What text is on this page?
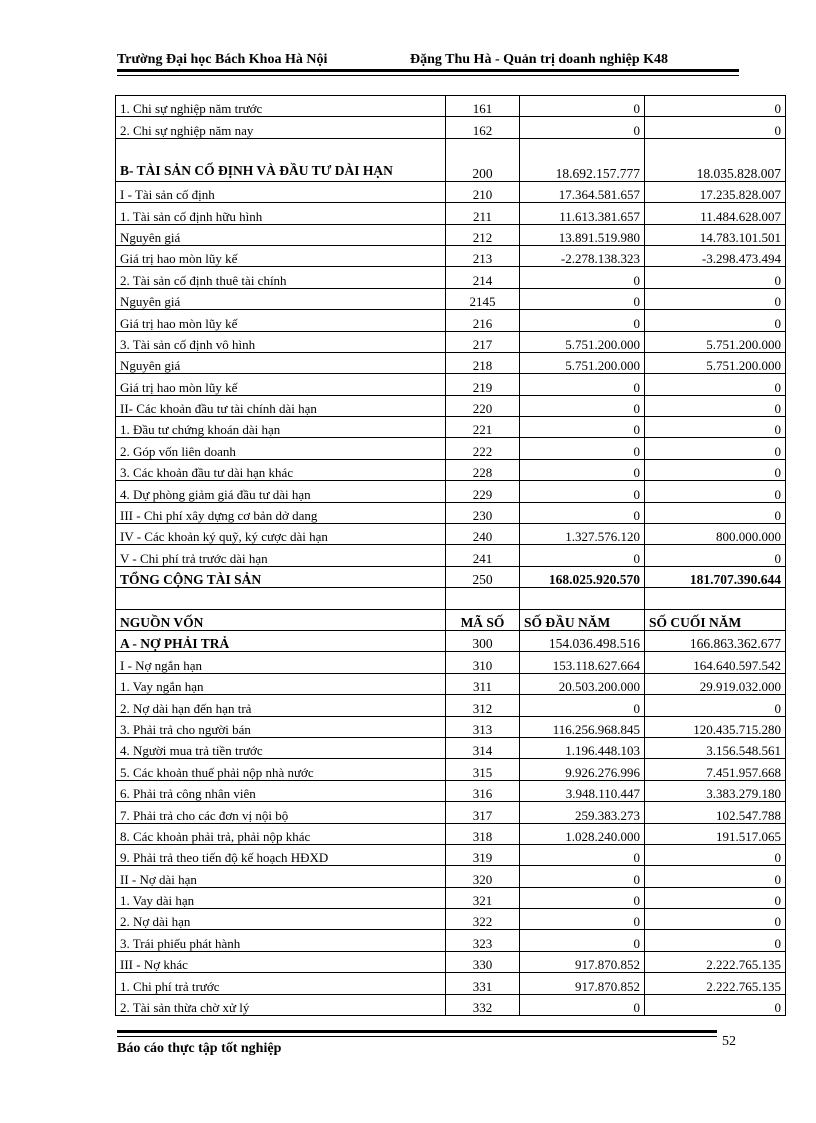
Trường Đại học Bách Khoa Hà Nội	Đặng Thu Hà - Quản trị doanh nghiệp K48
1. Chi sự nghiệp năm trước	161	0	0
2. Chi sự nghiệp năm nay	162	0	0
B- TÀI SẢN CỐ ĐỊNH VÀ ĐẦU TƯ DÀI HẠN	200	18.692.157.777	18.035.828.007
I - Tài sản cố định	210	17.364.581.657	17.235.828.007
1. Tài sản cố định hữu hình	211	11.613.381.657	11.484.628.007
Nguyên giá	212	13.891.519.980	14.783.101.501
Giá trị hao mòn lũy kế	213	-2.278.138.323	-3.298.473.494
2. Tài sản cố định thuê tài chính	214	0	0
Nguyên giá	2145	0	0
Giá trị hao mòn lũy kế	216	0	0
3. Tài sản cố định vô hình	217	5.751.200.000	5.751.200.000
Nguyên giá	218	5.751.200.000	5.751.200.000
Giá trị hao mòn lũy kế	219	0	0
II- Các khoản đầu tư tài chính dài hạn	220	0	0
1. Đầu tư chứng khoán dài hạn	221	0	0
2. Góp vốn liên doanh	222	0	0
3. Các khoản đầu tư dài hạn khác	228	0	0
4. Dự phòng giảm giá đầu tư dài hạn	229	0	0
III - Chi phí xây dựng cơ bản dở dang	230	0	0
IV - Các khoản ký quỹ, ký cược dài hạn	240	1.327.576.120	800.000.000
V - Chi phí trả trước dài hạn	241	0	0
TỔNG CỘNG TÀI SẢN	250	168.025.920.570	181.707.390.644

NGUỒN VỐN	MÃ SỐ	SỐ ĐẦU NĂM	SỐ CUỐI NĂM
A - NỢ PHẢI TRẢ	300	154.036.498.516	166.863.362.677
I - Nợ ngắn hạn	310	153.118.627.664	164.640.597.542
1. Vay ngắn hạn	311	20.503.200.000	29.919.032.000
2. Nợ dài hạn đến hạn trả	312	0	0
3. Phải trả cho người bán	313	116.256.968.845	120.435.715.280
4. Người mua trả tiền trước	314	1.196.448.103	3.156.548.561
5. Các khoản thuế phải nộp nhà nước	315	9.926.276.996	7.451.957.668
6. Phải trả công nhân viên	316	3.948.110.447	3.383.279.180
7. Phải trả cho các đơn vị nội bộ	317	259.383.273	102.547.788
8. Các khoản phải trả, phải nộp khác	318	1.028.240.000	191.517.065
9. Phải trả theo tiến độ kế hoạch HĐXD	319	0	0
II - Nợ dài hạn	320	0	0
1. Vay dài hạn	321	0	0
2. Nợ dài hạn	322	0	0
3. Trái phiếu phát hành	323	0	0
III - Nợ khác	330	917.870.852	2.222.765.135
1. Chi phí trả trước	331	917.870.852	2.222.765.135
2. Tài sản thừa chờ xử lý	332	0	0
Báo cáo thực tập tốt nghiệp	52
